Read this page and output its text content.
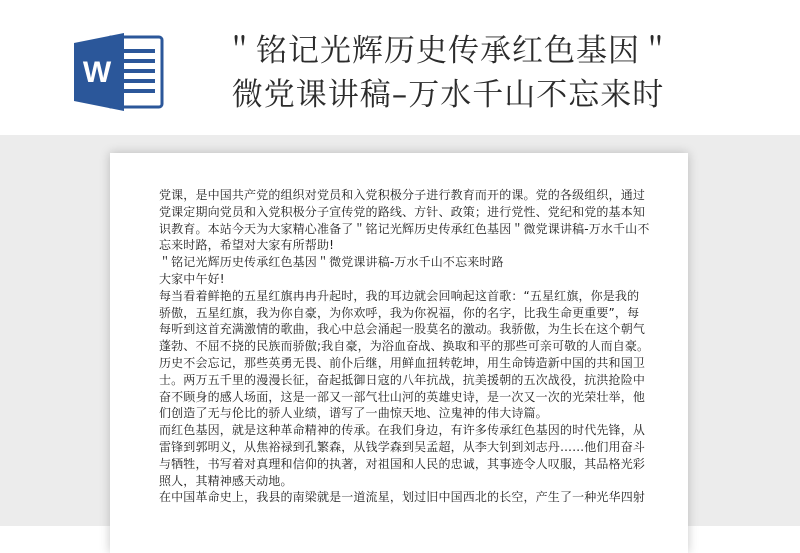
W
＂铭记光辉历史传承红色基因＂
微党课讲稿–万水千山不忘来时

党课，是中国共产党的组织对党员和入党积极分子进行教育而开的课。党的各级组织，通过党课定期向党员和入党积极分子宣传党的路线、方针、政策；进行党性、党纪和党的基本知识教育。本站今天为大家精心准备了＂铭记光辉历史传承红色基因＂微党课讲稿-万水千山不忘来时路，希望对大家有所帮助!

＂铭记光辉历史传承红色基因＂微党课讲稿-万水千山不忘来时路

大家中午好!

每当看着鲜艳的五星红旗冉冉升起时，我的耳边就会回响起这首歌：“五星红旗，你是我的骄傲，五星红旗，我为你自豪，为你欢呼，我为你祝福，你的名字，比我生命更重要”，每每听到这首充满激情的歌曲，我心中总会涌起一股莫名的激动。我骄傲，为生长在这个朝气蓬勃、不屈不挠的民族而骄傲;我自豪，为浴血奋战、换取和平的那些可亲可敬的人而自豪。

历史不会忘记，那些英勇无畏、前仆后继，用鲜血扭转乾坤，用生命铸造新中国的共和国卫士。两万五千里的漫漫长征，奋起抵御日寇的八年抗战，抗美援朝的五次战役，抗洪抢险中奋不顾身的感人场面，这是一部又一部气壮山河的英雄史诗，是一次又一次的光荣壮举，他们创造了无与伦比的骄人业绩，谱写了一曲惊天地、泣鬼神的伟大诗篇。

而红色基因，就是这种革命精神的传承。在我们身边，有许多传承红色基因的时代先锋，从雷锋到郭明义，从焦裕禄到孔繁森，从钱学森到吴孟超，从李大钊到刘志丹……他们用奋斗与牺牲，书写着对真理和信仰的执著，对祖国和人民的忠诚，其事迹令人叹服，其品格光彩照人，其精神感天动地。

在中国革命史上，我县的南梁就是一道流星，划过旧中国西北的长空，产生了一种光华四射
